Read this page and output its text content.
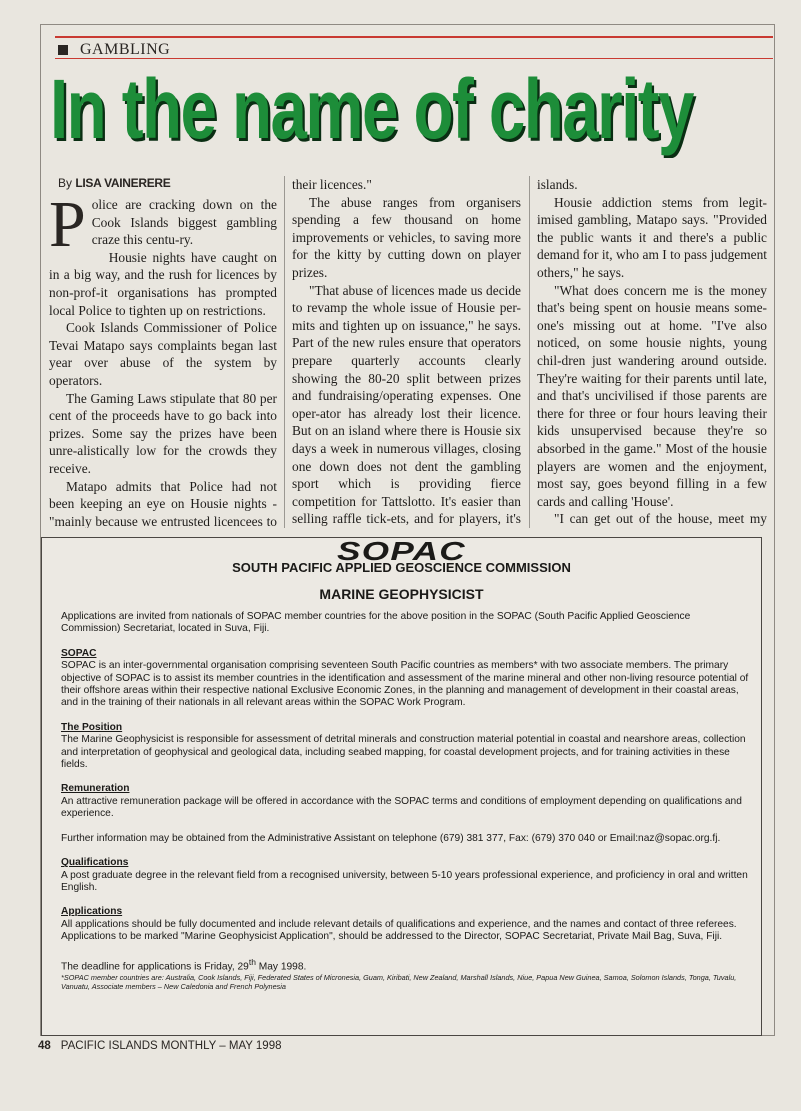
GAMBLING
In the name of charity
By LISA VAINERERE

Police are cracking down on the Cook Islands biggest gambling craze this centu-ry.

Housie nights have caught on in a big way, and the rush for licences by non-prof-it organisations has prompted local Police to tighten up on restrictions.

Cook Islands Commissioner of Police Tevai Matapo says complaints began last year over abuse of the system by operators.

The Gaming Laws stipulate that 80 per cent of the proceeds have to go back into prizes. Some say the prizes have been unre-alistically low for the crowds they receive.

Matapo admits that Police had not been keeping an eye on Housie nights - "mainly because we entrusted licencees to

their licences."

The abuse ranges from organisers spending a few thousand on home improvements or vehicles, to saving more for the kitty by cutting down on player prizes.

"That abuse of licences made us decide to revamp the whole issue of Housie per-mits and tighten up on issuance," he says. Part of the new rules ensure that operators prepare quarterly accounts clearly showing the 80-20 split between prizes and fundraising/operating expenses. One oper-ator has already lost their licence. But on an island where there is Housie six days a week in numerous villages, closing one down does not dent the gambling sport which is providing fierce competition for Tattslotto. It's easier than selling raffle tick-ets, and for players, it's

islands.

Housie addiction stems from legit-imised gambling, Matapo says. "Provided the public wants it and there's a public demand for it, who am I to pass judgement others," he says.

"What does concern me is the money that's being spent on housie means some-one's missing out at home. "I've also noticed, on some housie nights, young chil-dren just wandering around outside. They're waiting for their parents until late, and that's uncivilised if those parents are there for three or four hours leaving their kids unsupervised because they're so absorbed in the game." Most of the housie players are women and the enjoyment, most say, goes beyond filling in a few cards and calling 'House'.

"I can get out of the house, meet my

SOPAC
SOUTH PACIFIC APPLIED GEOSCIENCE COMMISSION
MARINE GEOPHYSICIST

Applications are invited from nationals of SOPAC member countries for the above position in the SOPAC (South Pacific Applied Geoscience Commission) Secretariat, located in Suva, Fiji.

SOPAC

SOPAC is an inter-governmental organisation comprising seventeen South Pacific countries as members* with two associate members. The primary objective of SOPAC is to assist its member countries in the identification and assessment of the marine mineral and other non-living resource potential of their offshore areas within their respective national Exclusive Economic Zones, in the planning and management of development in their coastal areas, and in the training of their nationals in all relevant areas within the SOPAC Work Program.

The Position

The Marine Geophysicist is responsible for assessment of detrital minerals and construction material potential in coastal and nearshore areas, collection and interpretation of geophysical and geological data, including seabed mapping, for coastal development projects, and for training activities in these fields.

Remuneration

An attractive remuneration package will be offered in accordance with the SOPAC terms and conditions of employment depending on qualifications and experience.

Further information may be obtained from the Administrative Assistant on telephone (679) 381 377, Fax: (679) 370 040 or Email:naz@sopac.org.fj.

Qualifications

A post graduate degree in the relevant field from a recognised university, between 5-10 years professional experience, and proficiency in oral and written English.

Applications

All applications should be fully documented and include relevant details of qualifications and experience, and the names and contact of three referees. Applications to be marked "Marine Geophysicist Application", should be addressed to the Director, SOPAC Secretariat, Private Mail Bag, Suva, Fiji.

The deadline for applications is Friday, 29th May 1998.

*SOPAC member countries are: Australia, Cook Islands, Fiji, Federated States of Micronesia, Guam, Kiribati, New Zealand, Marshall Islands, Niue, Papua New Guinea, Samoa, Solomon Islands, Tonga, Tuvalu, Vanuatu, Associate members – New Caledonia and French Polynesia

48 PACIFIC ISLANDS MONTHLY – MAY 1998
